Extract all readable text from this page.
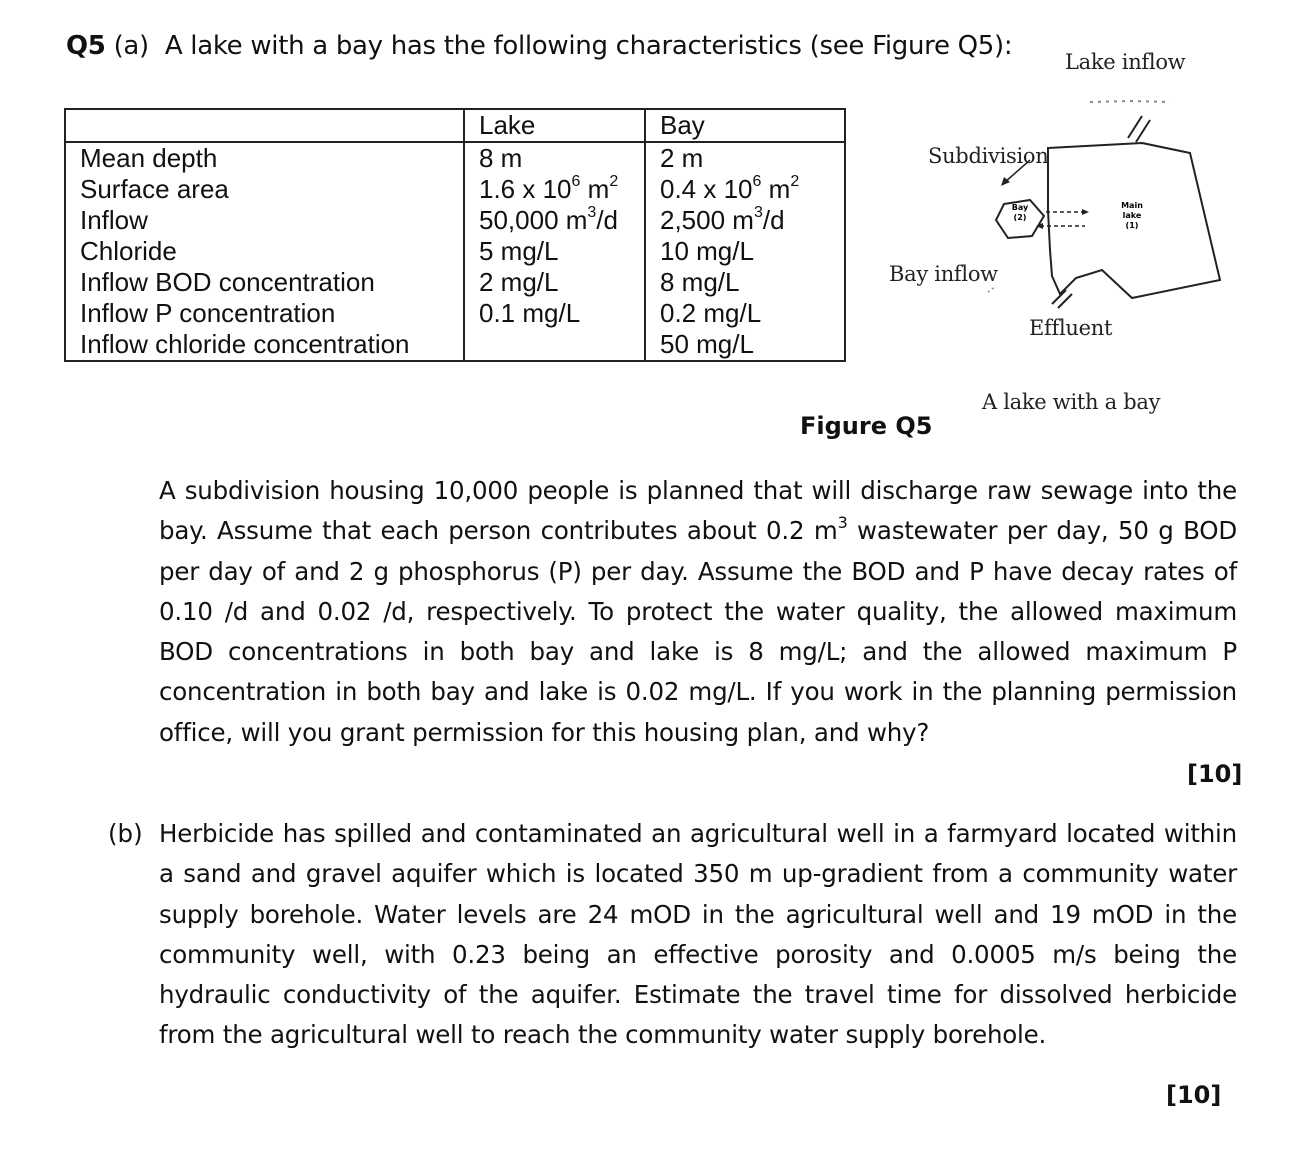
Q5 (a) A lake with a bay has the following characteristics (see Figure Q5):
	Lake	Bay
Mean depth	8 m	2 m
Surface area	1.6 x $10^6$ $m^2$	0.4 x $10^6$ $m^2$
Inflow	50,000 $m^3/d$	2,500 $m^3/d$
Chloride	5 mg/L	10 mg/L
Inflow BOD concentration	2 mg/L	8 mg/L
Inflow P concentration	0.1 mg/L	0.2 mg/L
Inflow chloride concentration		50 mg/L
Bay
(2)
Main
lake
(1)
Lake inflow
Subdivision
Bay inflow
Effluent
A lake with a bay
Figure Q5

A subdivision housing 10,000 people is planned that will discharge raw sewage into the bay. Assume that each person contributes about 0.2 $m^3$ wastewater per day, 50 g BOD per day of and 2 g phosphorus (P) per day. Assume the BOD and P have decay rates of 0.10 /d and 0.02 /d, respectively. To protect the water quality, the allowed maximum BOD concentrations in both bay and lake is 8 mg/L; and the allowed maximum P concentration in both bay and lake is 0.02 mg/L. If you work in the planning permission office, will you grant permission for this housing plan, and why?

[10]
(b) Herbicide has spilled and contaminated an agricultural well in a farmyard located within a sand and gravel aquifer which is located 350 m up-gradient from a community water supply borehole. Water levels are 24 mOD in the agricultural well and 19 mOD in the community well, with 0.23 being an effective porosity and 0.0005 m/s being the hydraulic conductivity of the aquifer. Estimate the travel time for dissolved herbicide from the agricultural well to reach the community water supply borehole.

[10]
